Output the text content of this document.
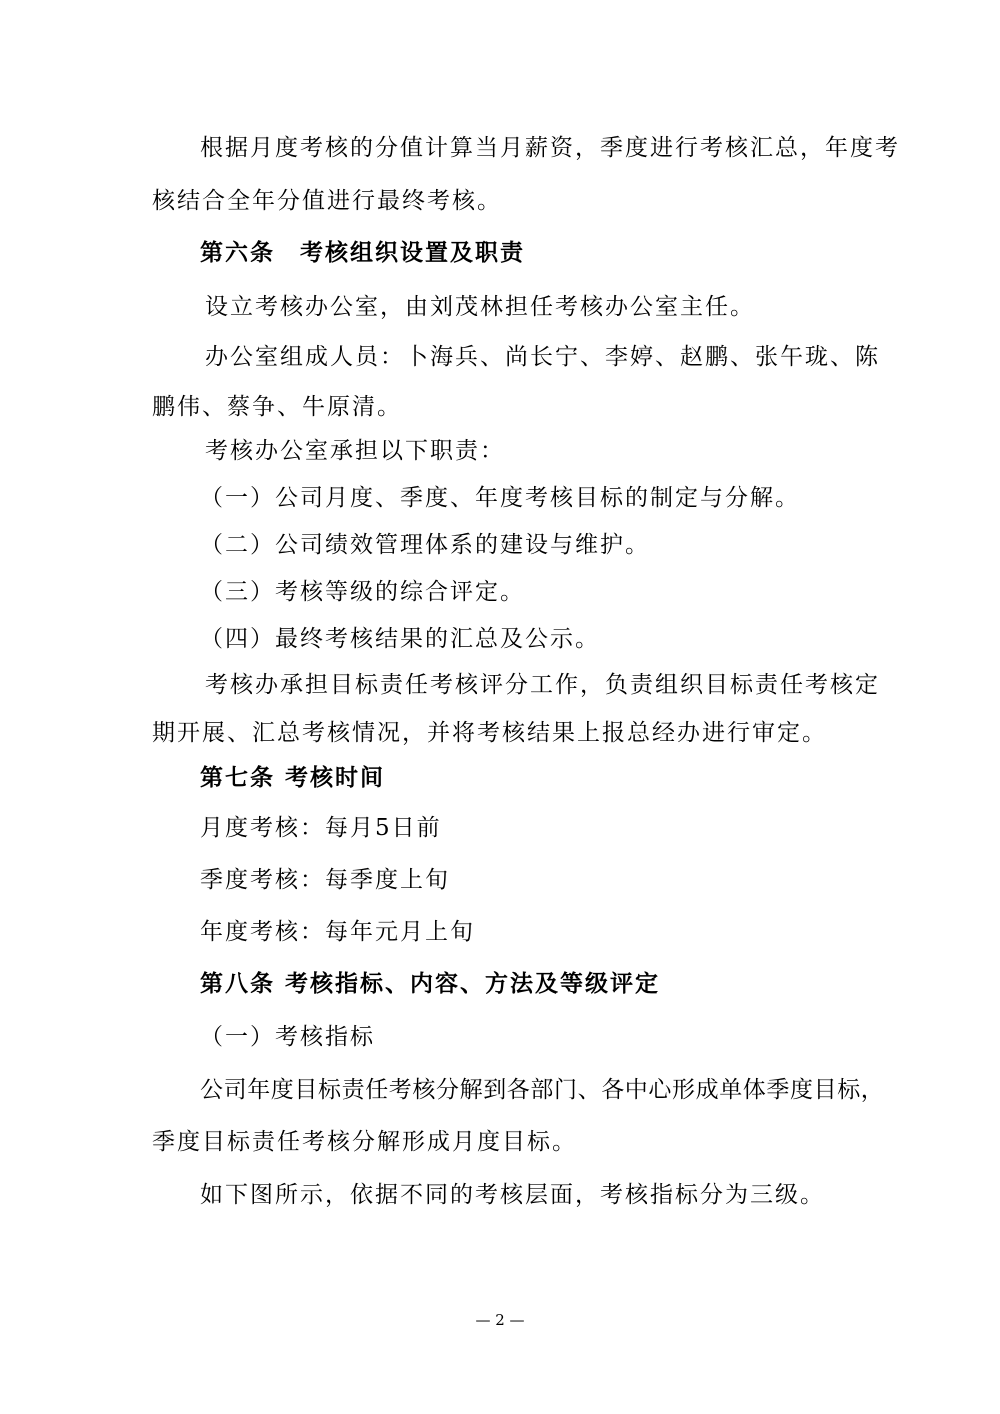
根据月度考核的分值计算当月薪资，季度进行考核汇总，年度考

核结合全年分值进行最终考核。

第六条　考核组织设置及职责

设立考核办公室，由刘茂林担任考核办公室主任。

办公室组成人员：卜海兵、尚长宁、李婷、赵鹏、张午珑、陈

鹏伟、蔡争、牛原清。

考核办公室承担以下职责：

（一）公司月度、季度、年度考核目标的制定与分解。

（二）公司绩效管理体系的建设与维护。

（三）考核等级的综合评定。

（四）最终考核结果的汇总及公示。

考核办承担目标责任考核评分工作，负责组织目标责任考核定

期开展、汇总考核情况，并将考核结果上报总经办进行审定。

第七条 考核时间

月度考核：每月5日前

季度考核：每季度上旬

年度考核：每年元月上旬

第八条 考核指标、内容、方法及等级评定

（一）考核指标

公司年度目标责任考核分解到各部门、各中心形成单体季度目标，

季度目标责任考核分解形成月度目标。

如下图所示，依据不同的考核层面，考核指标分为三级。

— 2 —
